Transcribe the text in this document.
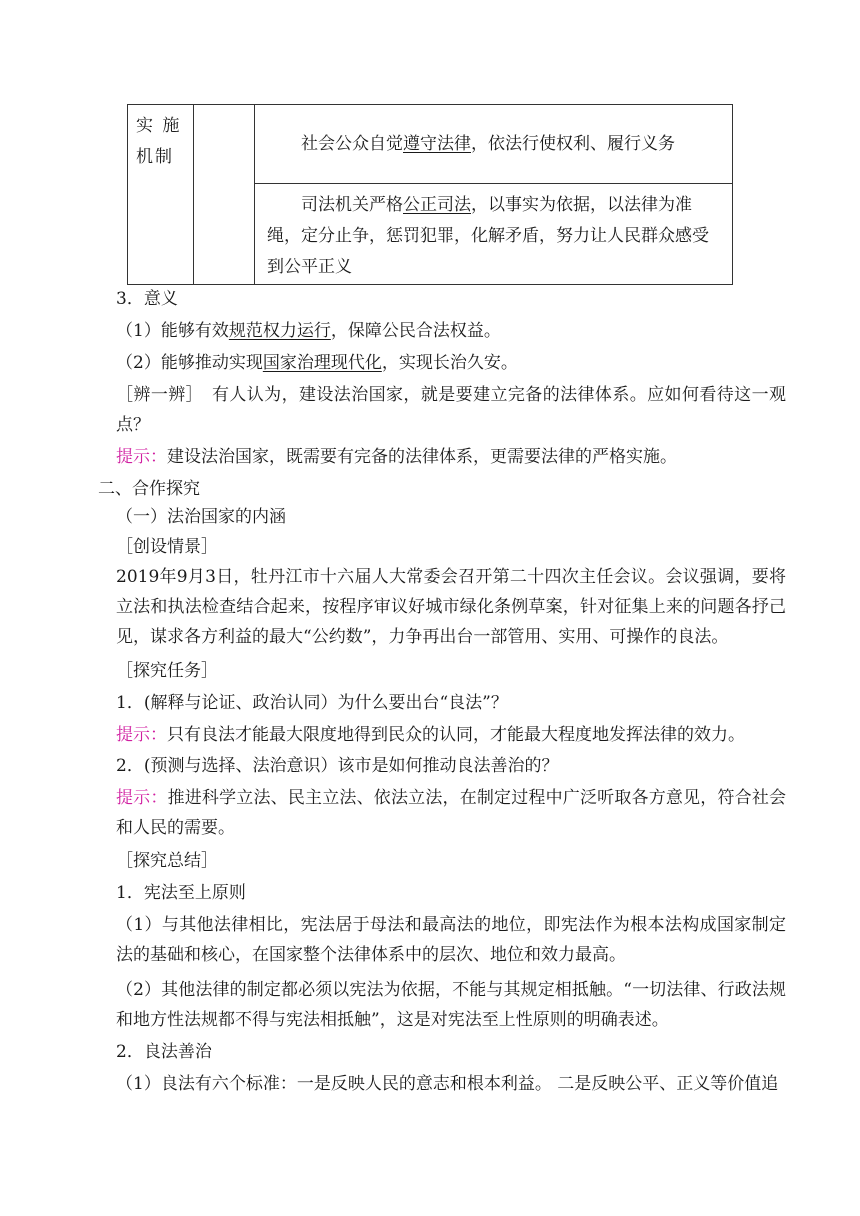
实 施 机制		社会公众自觉遵守法律，依法行使权利、履行义务
司法机关严格公正司法，以事实为依据，以法律为准绳，定分止争，惩罚犯罪，化解矛盾，努力让人民群众感受到公平正义
3．意义
（1）能够有效规范权力运行，保障公民合法权益。
（2）能够推动实现国家治理现代化，实现长治久安。
［辨一辨］　有人认为，建设法治国家，就是要建立完备的法律体系。应如何看待这一观点？
提示：建设法治国家，既需要有完备的法律体系，更需要法律的严格实施。
二、合作探究
（一）法治国家的内涵
［创设情景］
2019年9月3日，牡丹江市十六届人大常委会召开第二十四次主任会议。会议强调，要将立法和执法检查结合起来，按程序审议好城市绿化条例草案，针对征集上来的问题各抒己见，谋求各方利益的最大“公约数”，力争再出台一部管用、实用、可操作的良法。
［探究任务］
1．(解释与论证、政治认同）为什么要出台“良法”？
提示：只有良法才能最大限度地得到民众的认同，才能最大程度地发挥法律的效力。
2．(预测与选择、法治意识）该市是如何推动良法善治的？
提示：推进科学立法、民主立法、依法立法，在制定过程中广泛听取各方意见，符合社会和人民的需要。
［探究总结］
1．宪法至上原则
（1）与其他法律相比，宪法居于母法和最高法的地位，即宪法作为根本法构成国家制定法的基础和核心，在国家整个法律体系中的层次、地位和效力最高。
（2）其他法律的制定都必须以宪法为依据，不能与其规定相抵触。“一切法律、行政法规和地方性法规都不得与宪法相抵触”，这是对宪法至上性原则的明确表述。
2．良法善治
（1）良法有六个标准：一是反映人民的意志和根本利益。 二是反映公平、正义等价值追
